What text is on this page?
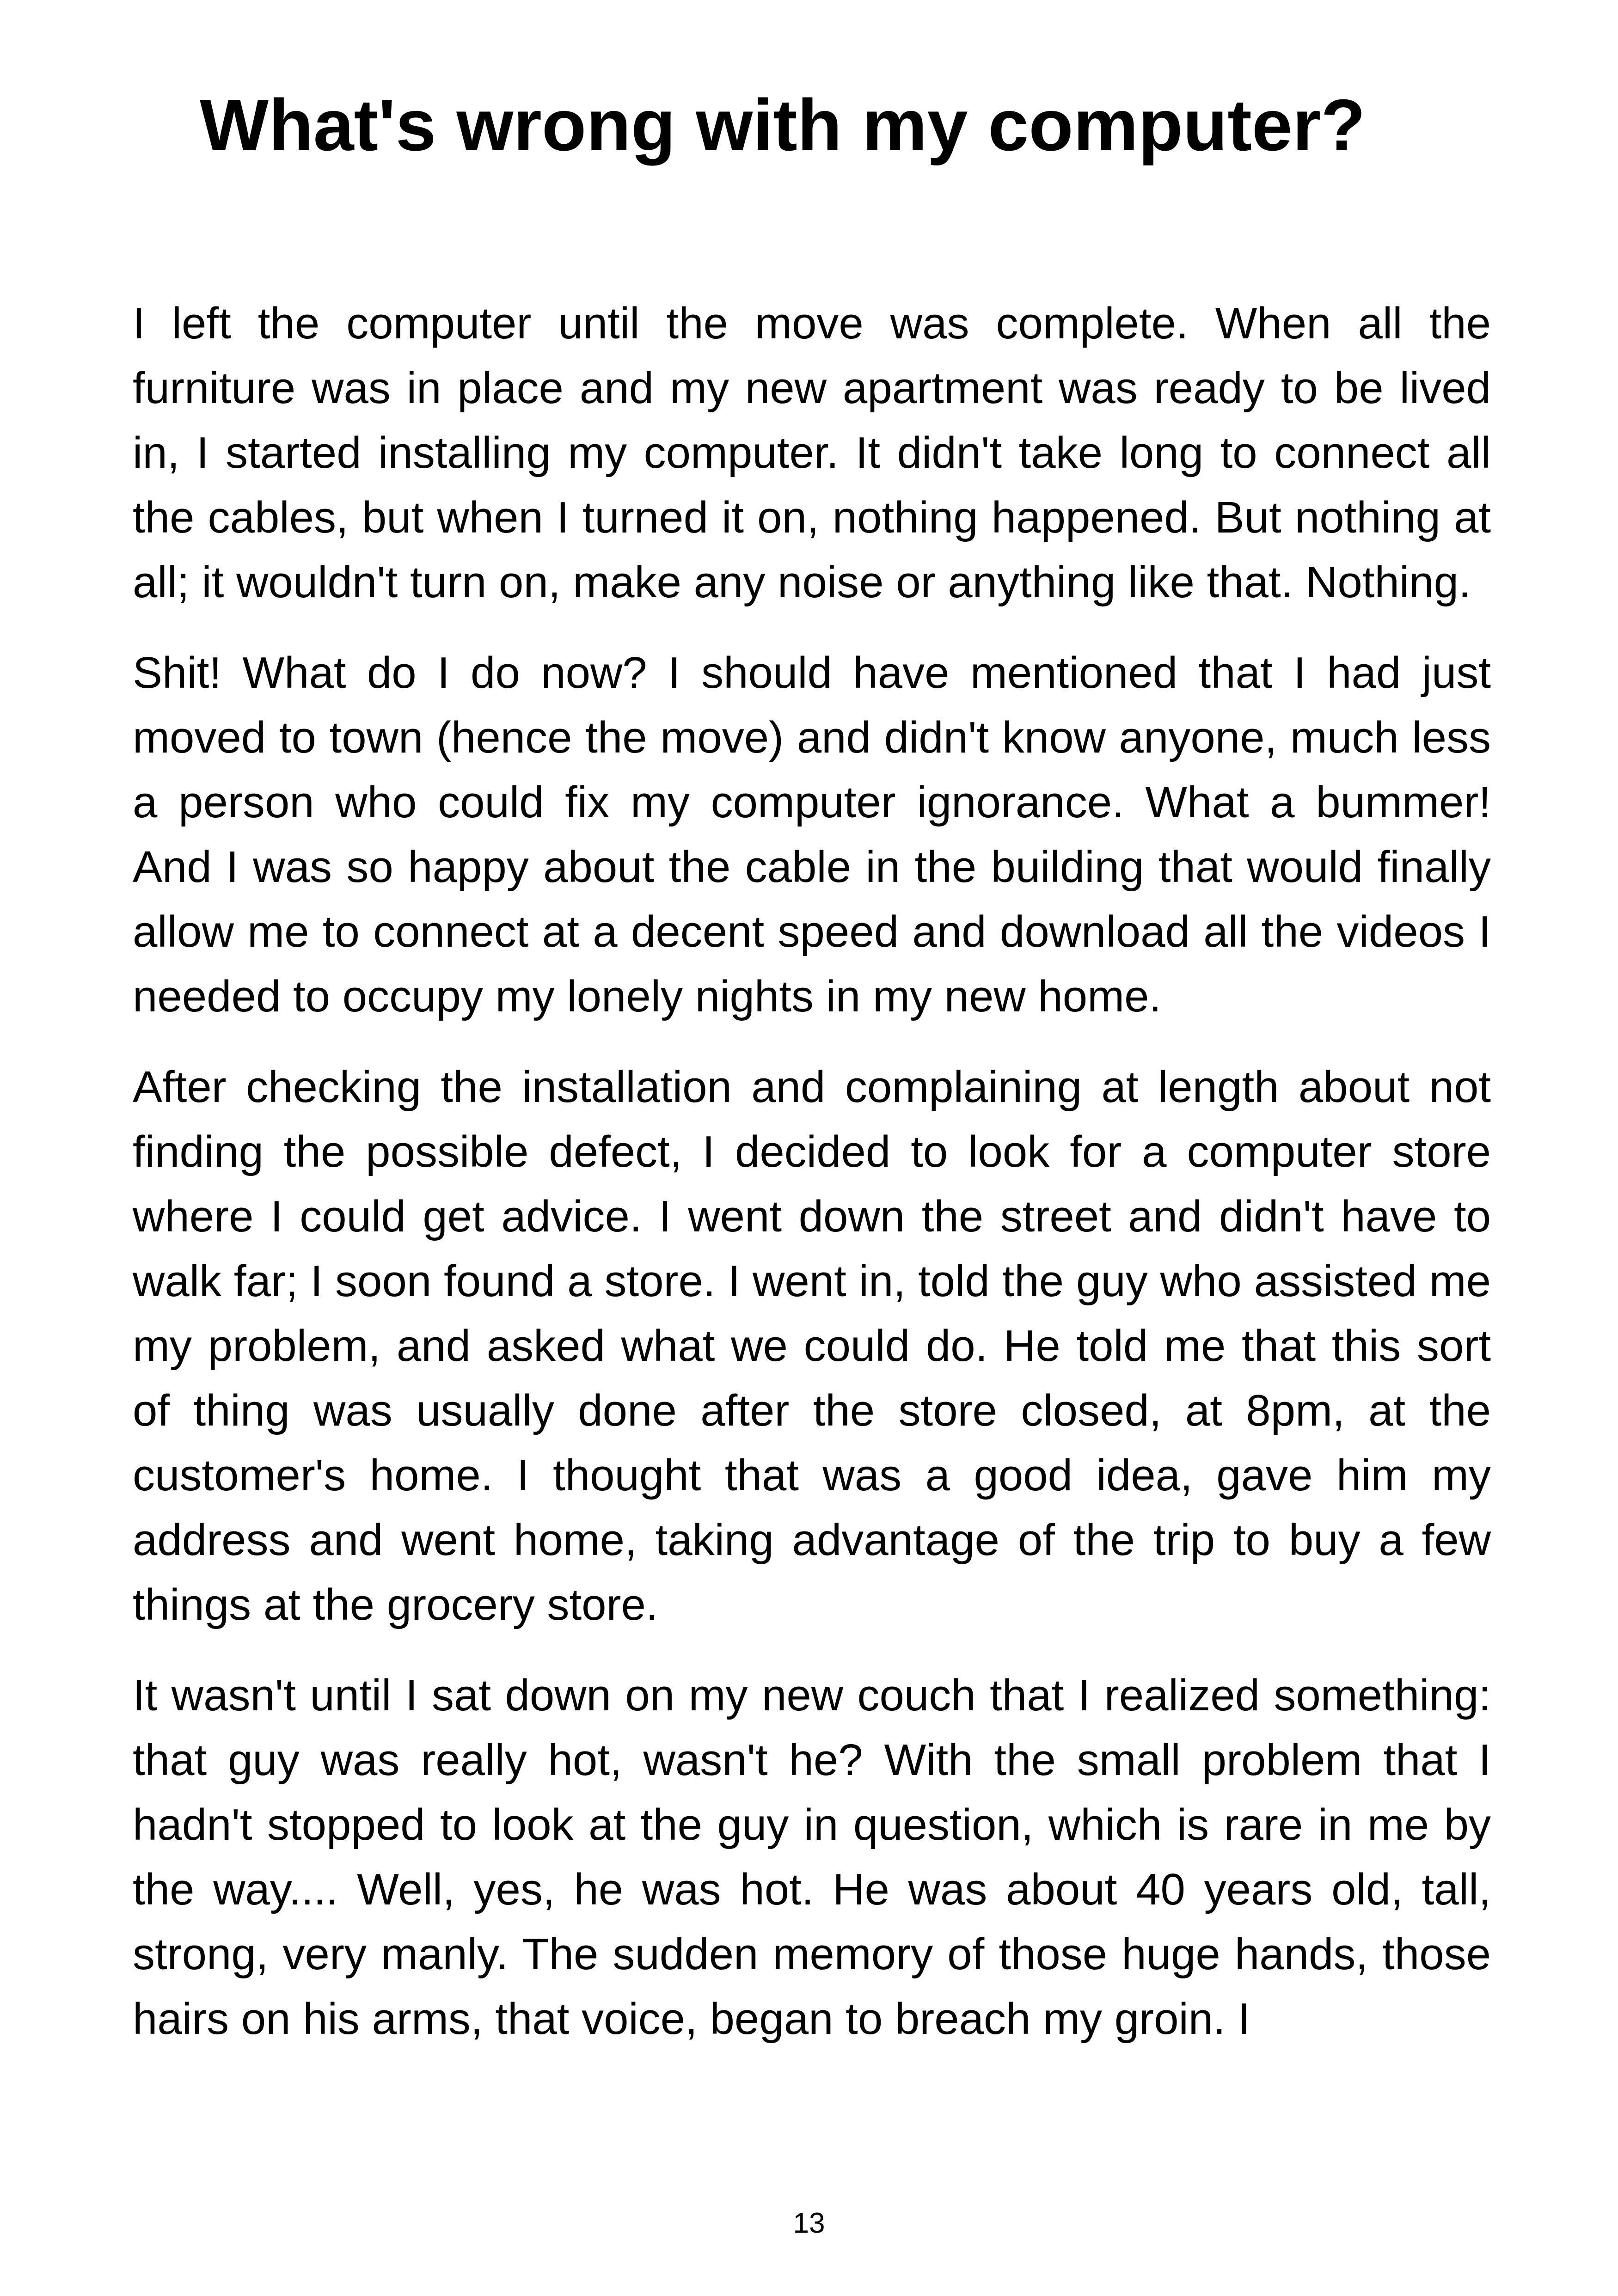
What's wrong with my computer?

I left the computer until the move was complete. When all the furniture was in place and my new apartment was ready to be lived in, I started installing my computer. It didn't take long to connect all the cables, but when I turned it on, nothing happened. But nothing at all; it wouldn't turn on, make any noise or anything like that. Nothing.

Shit! What do I do now? I should have mentioned that I had just moved to town (hence the move) and didn't know anyone, much less a person who could fix my computer ignorance. What a bummer! And I was so happy about the cable in the building that would finally allow me to connect at a decent speed and download all the videos I needed to occupy my lonely nights in my new home.

After checking the installation and complaining at length about not finding the possible defect, I decided to look for a computer store where I could get advice. I went down the street and didn't have to walk far; I soon found a store. I went in, told the guy who assisted me my problem, and asked what we could do. He told me that this sort of thing was usually done after the store closed, at 8pm, at the customer's home. I thought that was a good idea, gave him my address and went home, taking advantage of the trip to buy a few things at the grocery store.

It wasn't until I sat down on my new couch that I realized something: that guy was really hot, wasn't he? With the small problem that I hadn't stopped to look at the guy in question, which is rare in me by the way.... Well, yes, he was hot. He was about 40 years old, tall, strong, very manly. The sudden memory of those huge hands, those hairs on his arms, that voice, began to breach my groin. I

13
